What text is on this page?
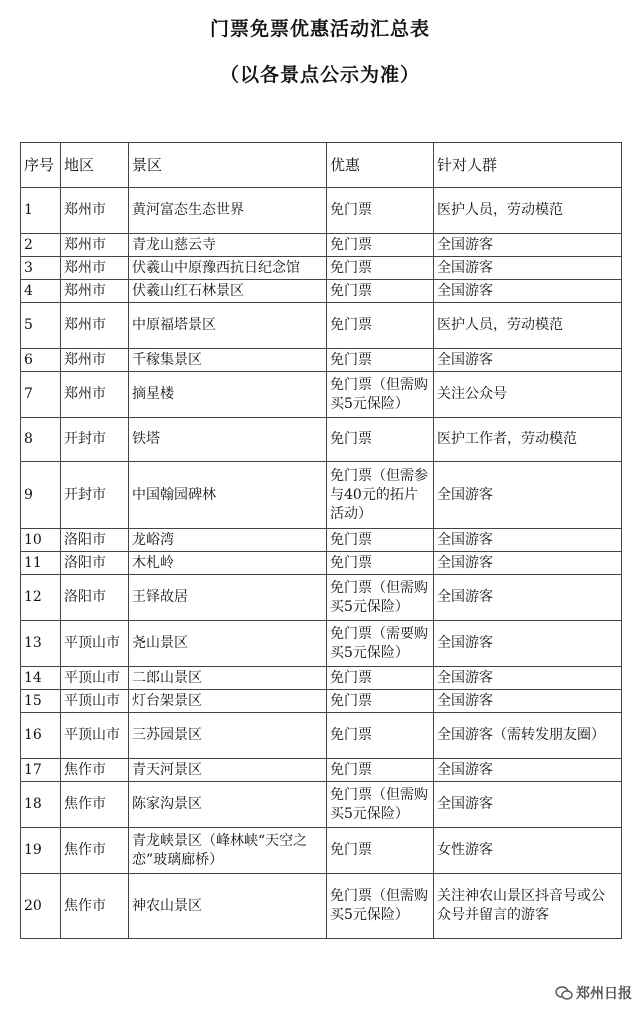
门票免票优惠活动汇总表
（以各景点公示为准）
序号	地区	景区	优惠	针对人群
1	郑州市	黄河富态生态世界	免门票	医护人员，劳动模范
2	郑州市	青龙山慈云寺	免门票	全国游客
3	郑州市	伏羲山中原豫西抗日纪念馆	免门票	全国游客
4	郑州市	伏羲山红石林景区	免门票	全国游客
5	郑州市	中原福塔景区	免门票	医护人员，劳动模范
6	郑州市	千稼集景区	免门票	全国游客
7	郑州市	摘星楼	免门票（但需购买5元保险）	关注公众号
8	开封市	铁塔	免门票	医护工作者，劳动模范
9	开封市	中国翰园碑林	免门票（但需参与40元的拓片活动）	全国游客
10	洛阳市	龙峪湾	免门票	全国游客
11	洛阳市	木札岭	免门票	全国游客
12	洛阳市	王铎故居	免门票（但需购买5元保险）	全国游客
13	平顶山市	尧山景区	免门票（需要购买5元保险）	全国游客
14	平顶山市	二郎山景区	免门票	全国游客
15	平顶山市	灯台架景区	免门票	全国游客
16	平顶山市	三苏园景区	免门票	全国游客（需转发朋友圈）
17	焦作市	青天河景区	免门票	全国游客
18	焦作市	陈家沟景区	免门票（但需购买5元保险）	全国游客
19	焦作市	青龙峡景区（峰林峡“天空之恋”玻璃廊桥）	免门票	女性游客
20	焦作市	神农山景区	免门票（但需购买5元保险）	关注神农山景区抖音号或公众号并留言的游客
郑州日报
